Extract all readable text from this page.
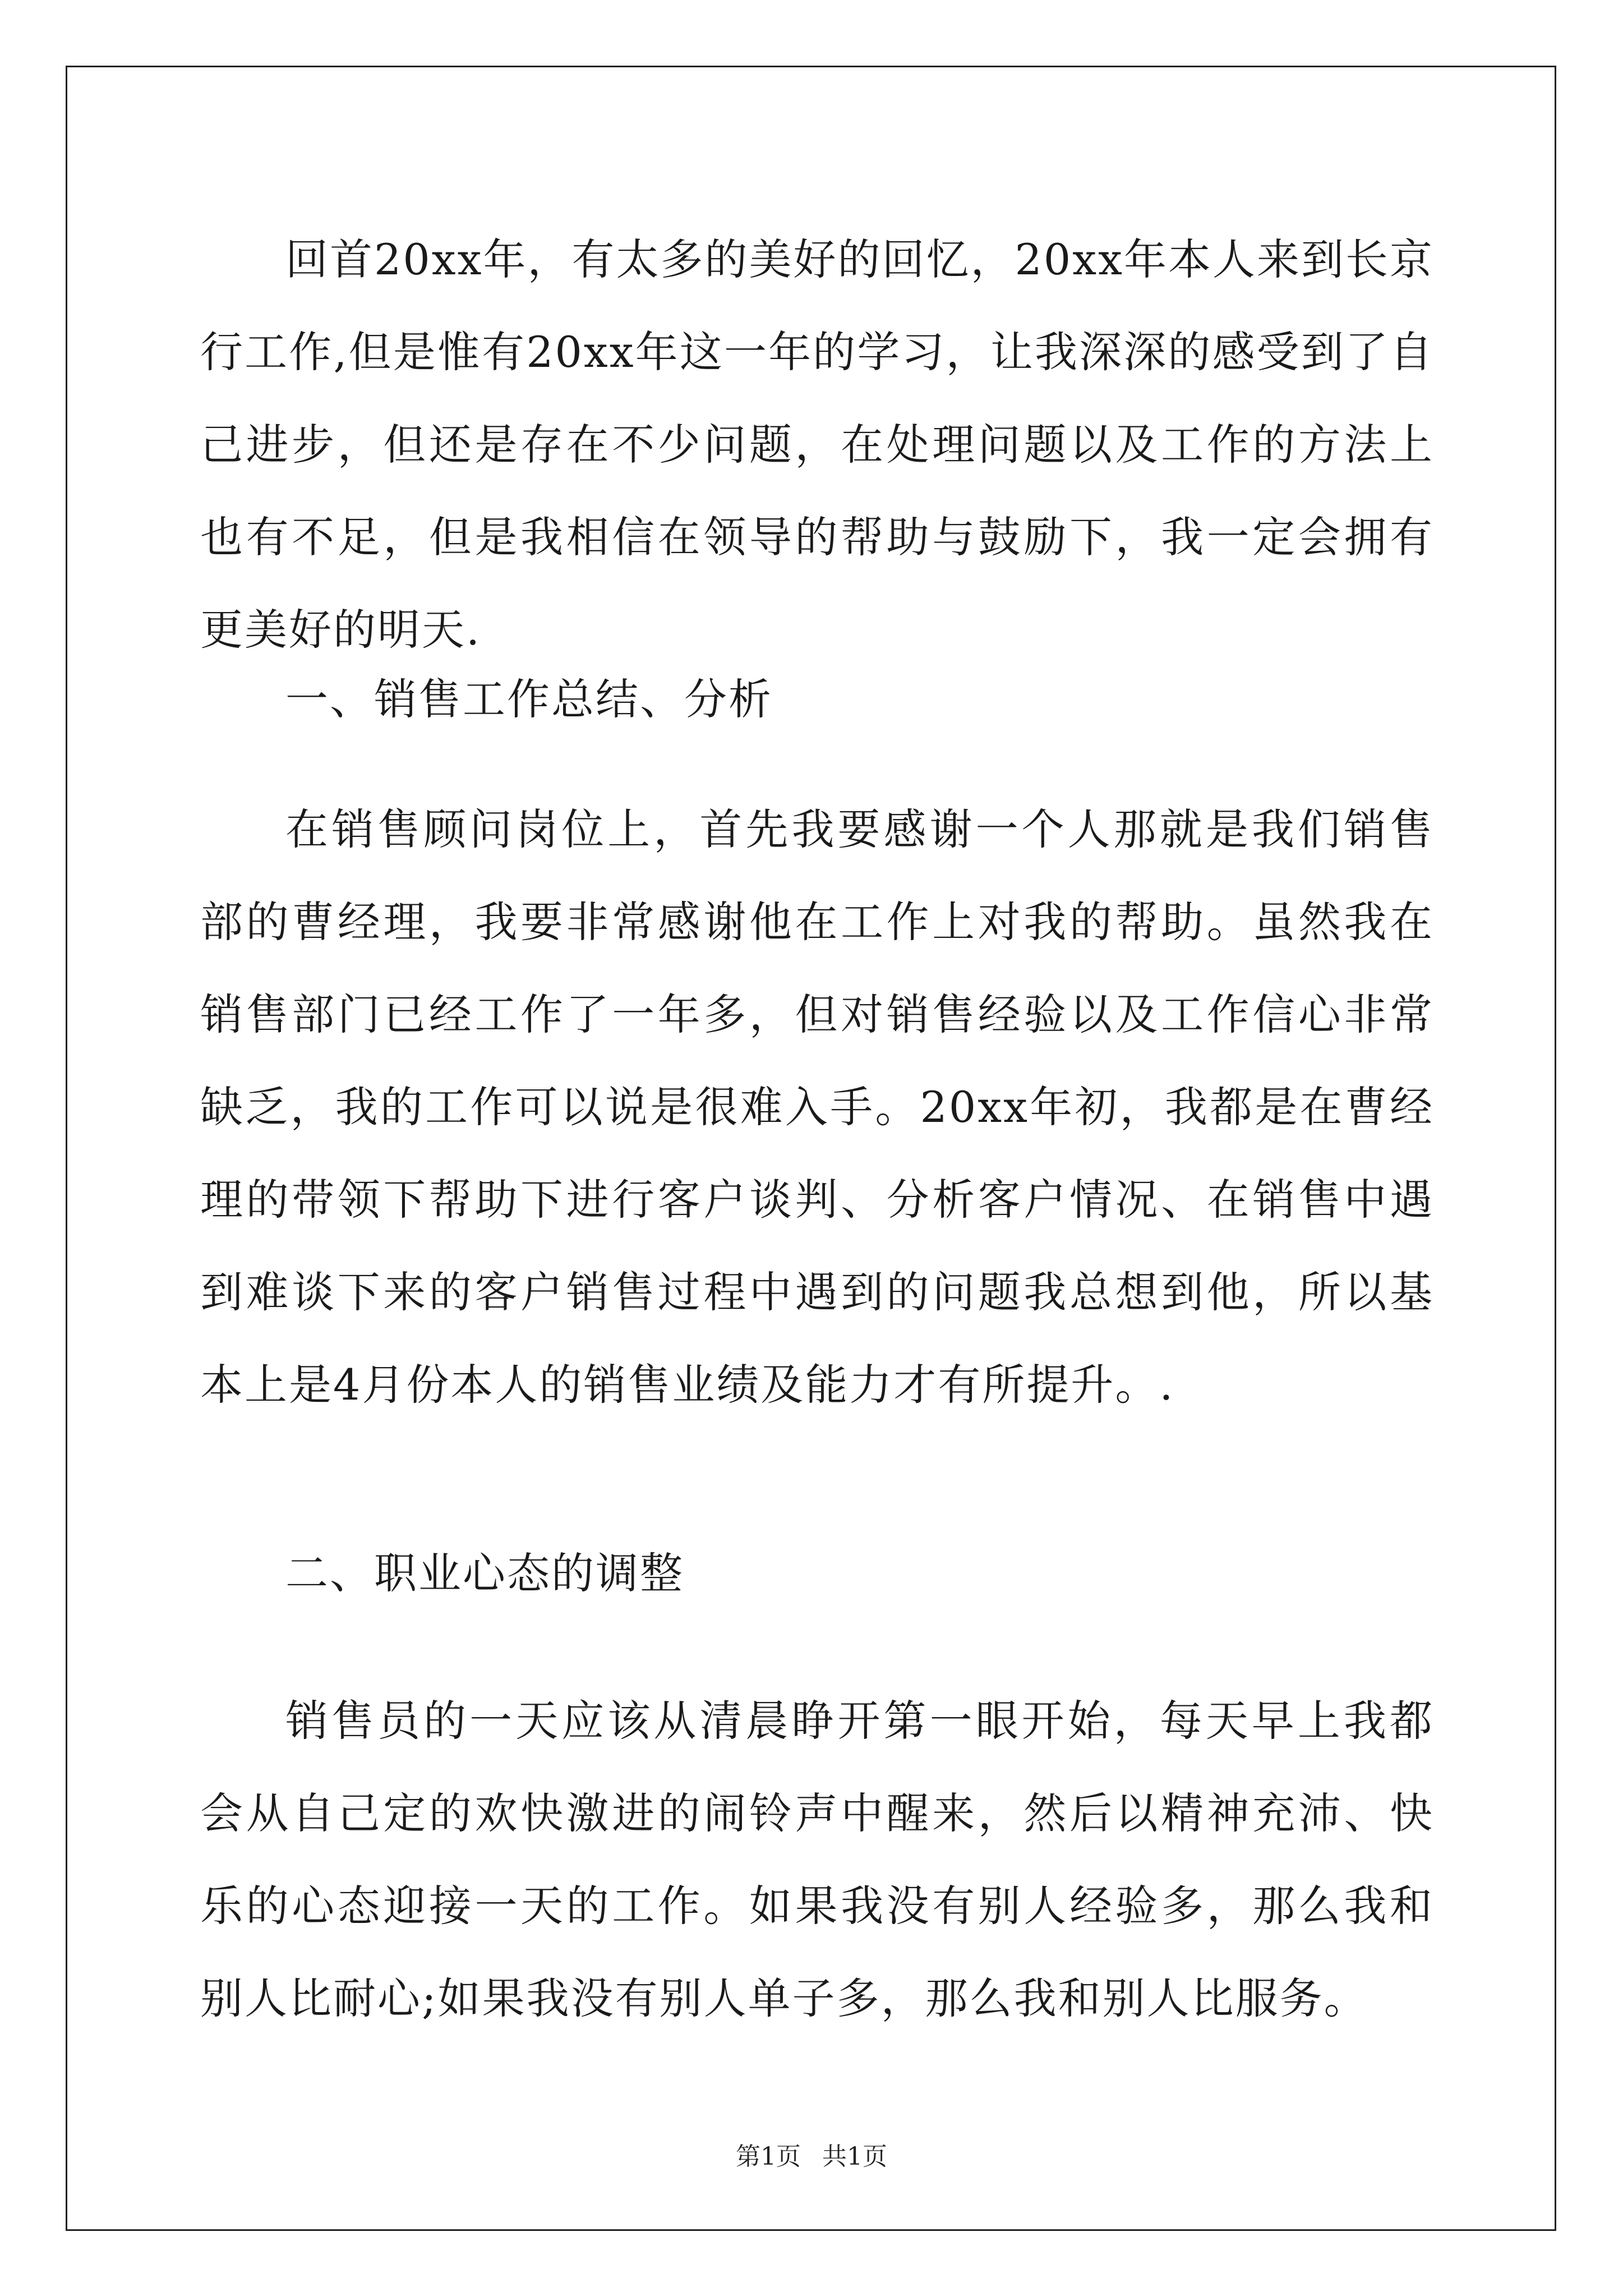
回首20xx年，有太多的美好的回忆，20xx年本人来到长京行工作,但是惟有20xx年这一年的学习，让我深深的感受到了自己进步，但还是存在不少问题，在处理问题以及工作的方法上也有不足，但是我相信在领导的帮助与鼓励下，我一定会拥有更美好的明天.

一、销售工作总结、分析

在销售顾问岗位上，首先我要感谢一个人那就是我们销售部的曹经理，我要非常感谢他在工作上对我的帮助。虽然我在销售部门已经工作了一年多，但对销售经验以及工作信心非常缺乏，我的工作可以说是很难入手。20xx年初，我都是在曹经理的带领下帮助下进行客户谈判、分析客户情况、在销售中遇到难谈下来的客户销售过程中遇到的问题我总想到他，所以基本上是4月份本人的销售业绩及能力才有所提升。.

二、职业心态的调整

销售员的一天应该从清晨睁开第一眼开始，每天早上我都会从自己定的欢快激进的闹铃声中醒来，然后以精神充沛、快乐的心态迎接一天的工作。如果我没有别人经验多，那么我和别人比耐心;如果我没有别人单子多，那么我和别人比服务。

第1页 共1页
